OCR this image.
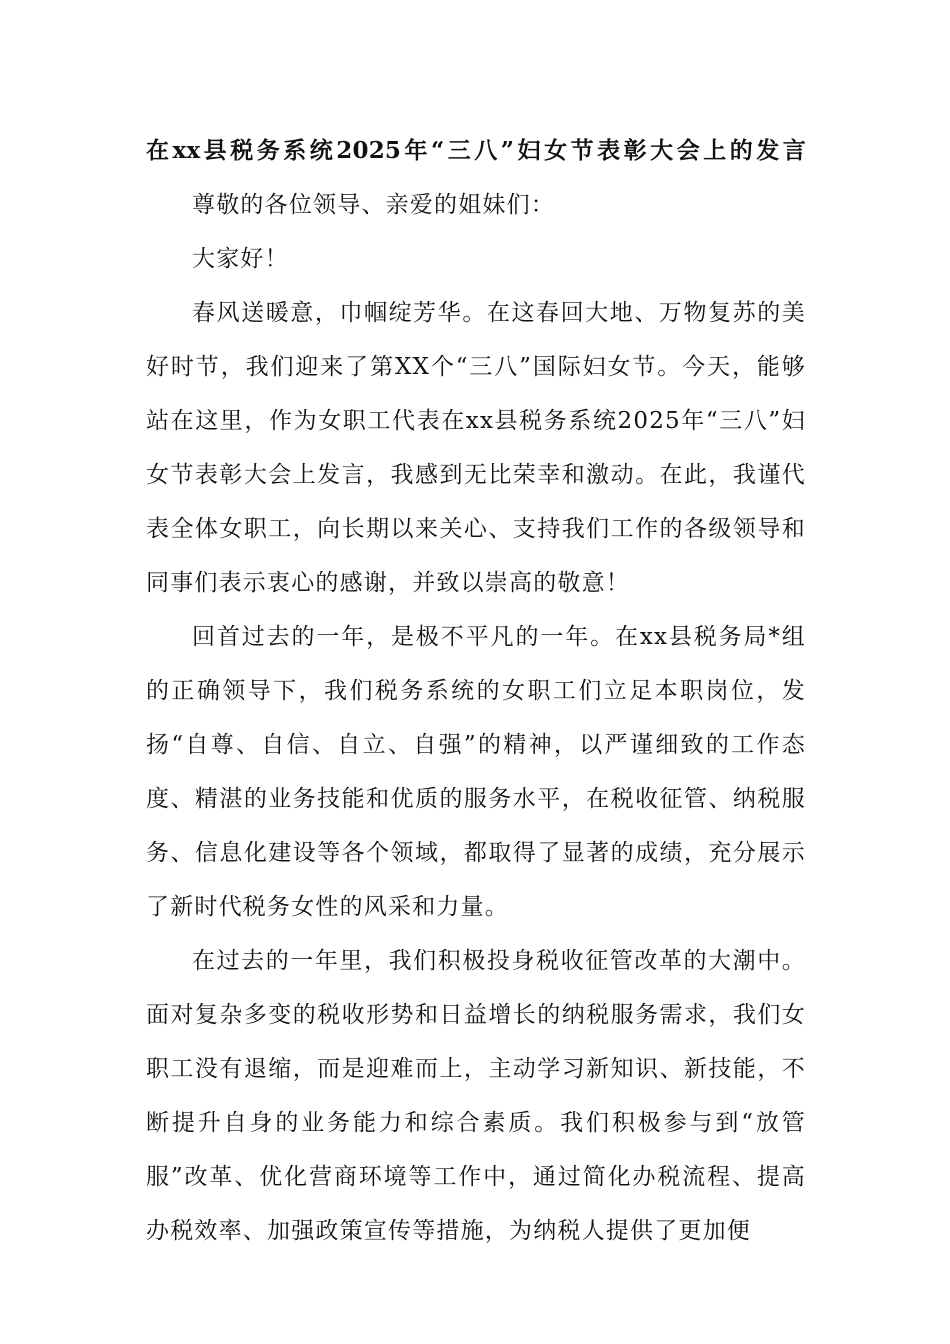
在xx县税务系统2025年“三八”妇女节表彰大会上的发言

尊敬的各位领导、亲爱的姐妹们：

大家好！

春风送暖意，巾帼绽芳华。在这春回大地、万物复苏的美好时节，我们迎来了第XX个“三八”国际妇女节。今天，能够站在这里，作为女职工代表在xx县税务系统2025年“三八”妇女节表彰大会上发言，我感到无比荣幸和激动。在此，我谨代表全体女职工，向长期以来关心、支持我们工作的各级领导和同事们表示衷心的感谢，并致以崇高的敬意！

回首过去的一年，是极不平凡的一年。在xx县税务局*组的正确领导下，我们税务系统的女职工们立足本职岗位，发扬“自尊、自信、自立、自强”的精神，以严谨细致的工作态度、精湛的业务技能和优质的服务水平，在税收征管、纳税服务、信息化建设等各个领域，都取得了显著的成绩，充分展示了新时代税务女性的风采和力量。

在过去的一年里，我们积极投身税收征管改革的大潮中。面对复杂多变的税收形势和日益增长的纳税服务需求，我们女职工没有退缩，而是迎难而上，主动学习新知识、新技能，不断提升自身的业务能力和综合素质。我们积极参与到“放管服”改革、优化营商环境等工作中，通过简化办税流程、提高办税效率、加强政策宣传等措施，为纳税人提供了更加便
